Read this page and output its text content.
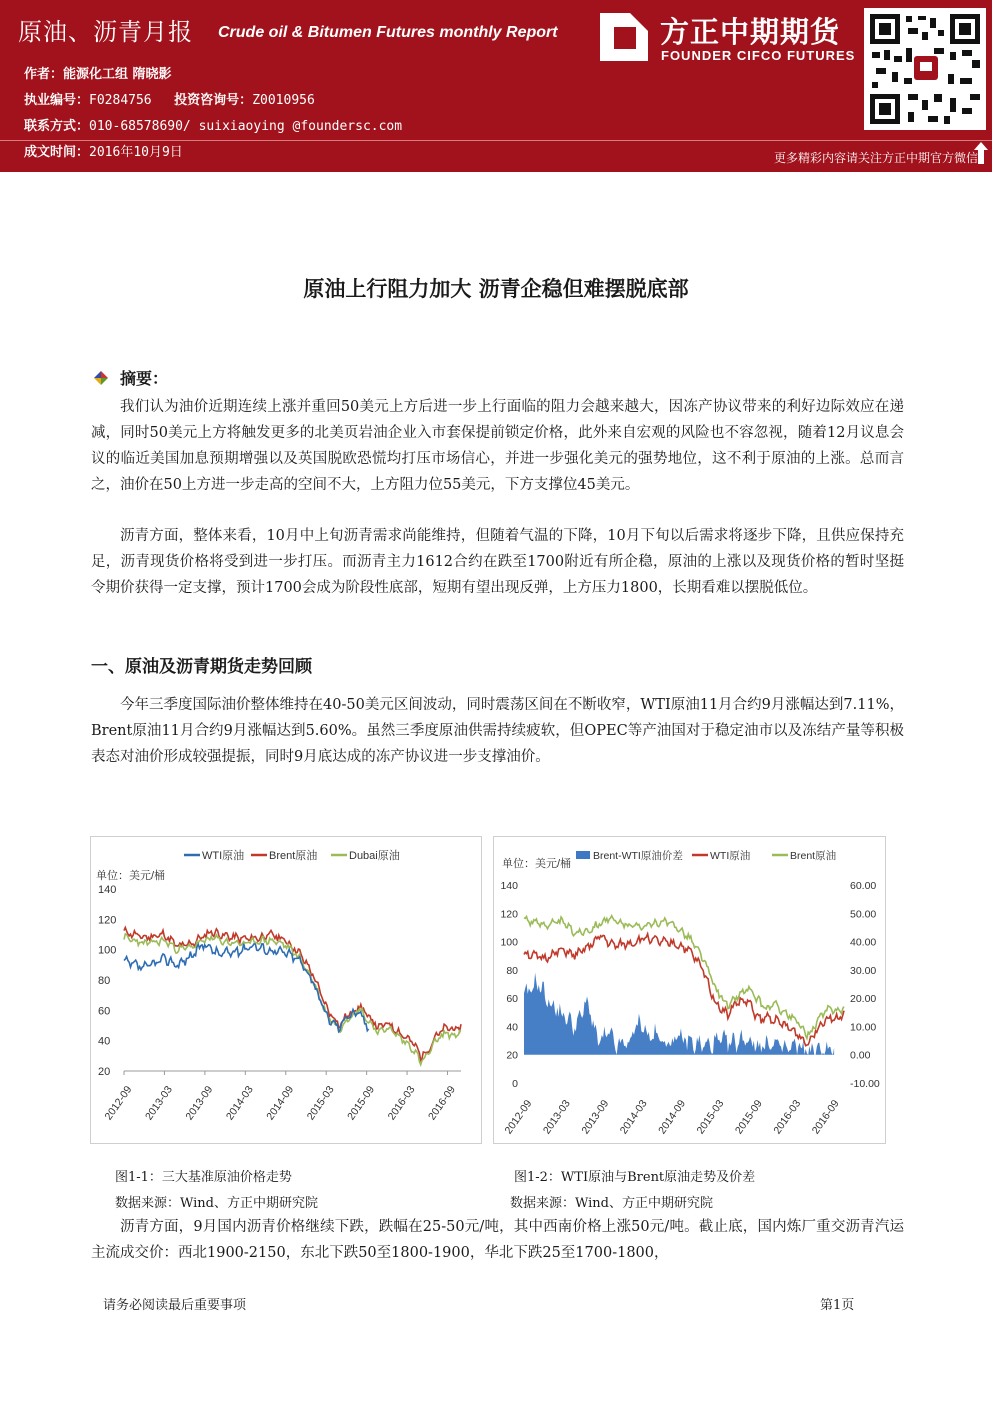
原油、沥青月报 Crude oil & Bitumen Futures monthly Report
作者：能源化工组 隋晓影
执业编号：F0284756 投资咨询号：Z0010956
联系方式：010-68578690/ suixiaoying @foundersc.com
成文时间：2016年10月9日
方正中期期货
FOUNDER CIFCO FUTURES
更多精彩内容请关注方正中期官方微信
原油上行阻力加大 沥青企稳但难摆脱底部
摘要：
我们认为油价近期连续上涨并重回50美元上方后进一步上行面临的阻力会越来越大，因冻产协议带来的利好边际效应在递减，同时50美元上方将触发更多的北美页岩油企业入市套保提前锁定价格，此外来自宏观的风险也不容忽视，随着12月议息会议的临近美国加息预期增强以及英国脱欧恐慌均打压市场信心，并进一步强化美元的强势地位，这不利于原油的上涨。总而言之，油价在50上方进一步走高的空间不大，上方阻力位55美元，下方支撑位45美元。
沥青方面，整体来看，10月中上旬沥青需求尚能维持，但随着气温的下降，10月下旬以后需求将逐步下降，且供应保持充足，沥青现货价格将受到进一步打压。而沥青主力1612合约在跌至1700附近有所企稳，原油的上涨以及现货价格的暂时坚挺令期价获得一定支撑，预计1700会成为阶段性底部，短期有望出现反弹，上方压力1800，长期看难以摆脱低位。
一、原油及沥青期货走势回顾
今年三季度国际油价整体维持在40-50美元区间波动，同时震荡区间在不断收窄，WTI原油11月合约9月涨幅达到7.11%，Brent原油11月合约9月涨幅达到5.60%。虽然三季度原油供需持续疲软，但OPEC等产油国对于稳定油市以及冻结产量等积极表态对油价形成较强提振，同时9月底达成的冻产协议进一步支撑油价。
WTI原油 Brent原油	Dubai原油
单位：美元/桶
140
120
100
80
60
40
20
2012-09 2013-03 2013-09 2014-03 2014-09 2015-03 2015-09 2016-03 2016-09
Brent-WTI原油价差	WTI原油	Brent原油
单位：美元/桶
140
120
100
80
60
40
20
0
60.00
50.00
40.00
30.00
20.00
10.00
0.00
-10.00
2012-09 2013-03 2013-09 2014-03 2014-09 2015-03 2015-09 2016-03 2016-09
图1-1：三大基准原油价格走势
数据来源：Wind、方正中期研究院
图1-2：WTI原油与Brent原油走势及价差
数据来源：Wind、方正中期研究院
沥青方面，9月国内沥青价格继续下跌，跌幅在25-50元/吨，其中西南价格上涨50元/吨。截止底，国内炼厂重交沥青汽运主流成交价：西北1900-2150，东北下跌50至1800-1900，华北下跌25至1700-1800，
请务必阅读最后重要事项	第1页
